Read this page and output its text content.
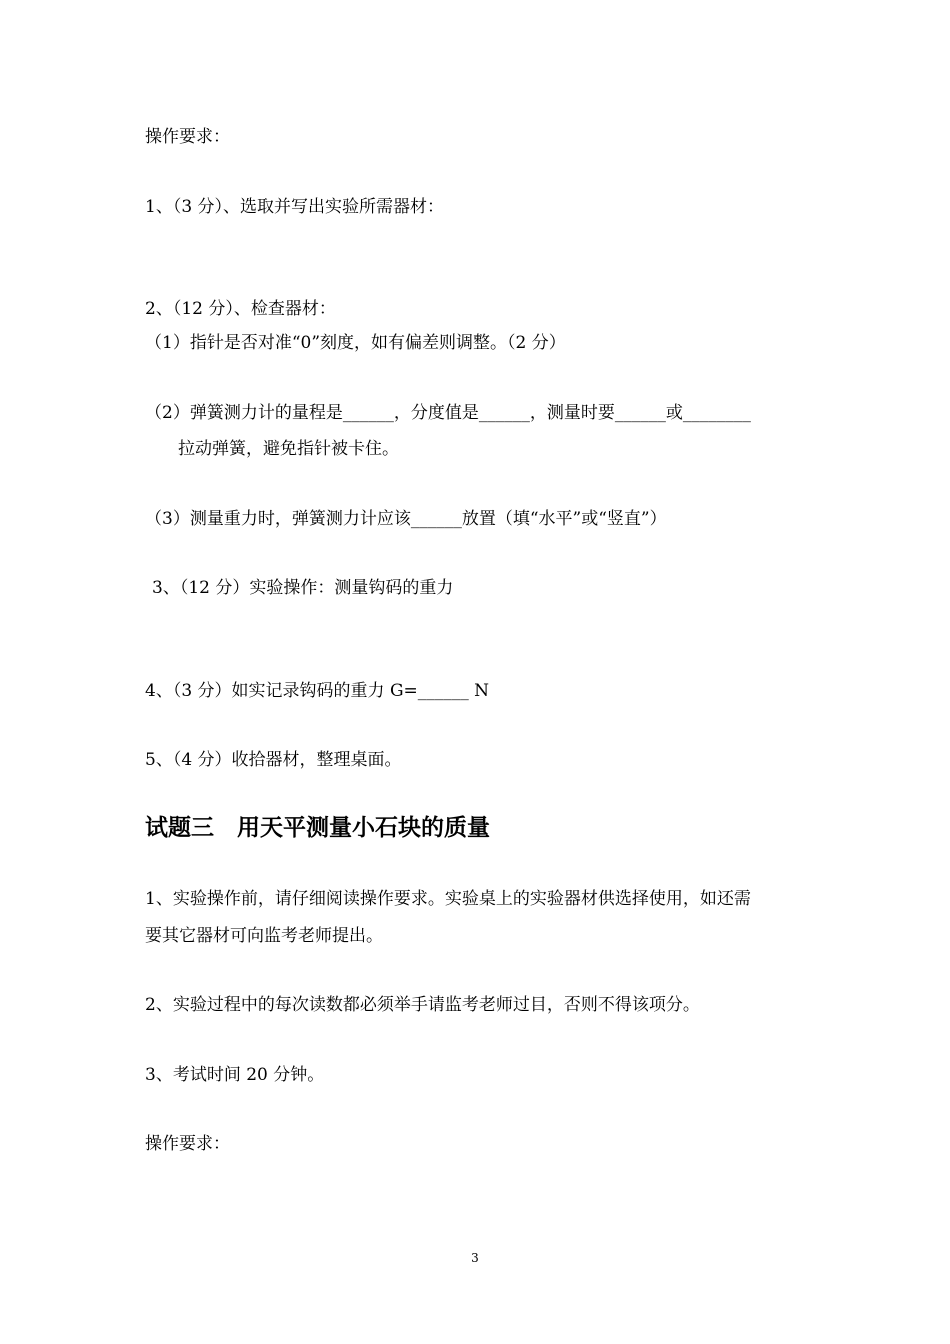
操作要求：

1、（3 分）、选取并写出实验所需器材：

2、（12 分）、检查器材：

（1）指针是否对准“0”刻度，如有偏差则调整。（2 分）

（2）弹簧测力计的量程是______，分度值是______，测量时要______或________

拉动弹簧，避免指针被卡住。

（3）测量重力时，弹簧测力计应该______放置（填“水平”或“竖直”）

3、（12 分）实验操作：测量钩码的重力

4、（3 分）如实记录钩码的重力 G=______ N

5、（4 分）收拾器材，整理桌面。

试题三　用天平测量小石块的质量

1、实验操作前，请仔细阅读操作要求。实验桌上的实验器材供选择使用，如还需

要其它器材可向监考老师提出。

2、实验过程中的每次读数都必须举手请监考老师过目，否则不得该项分。

3、考试时间 20 分钟。

操作要求：

3
